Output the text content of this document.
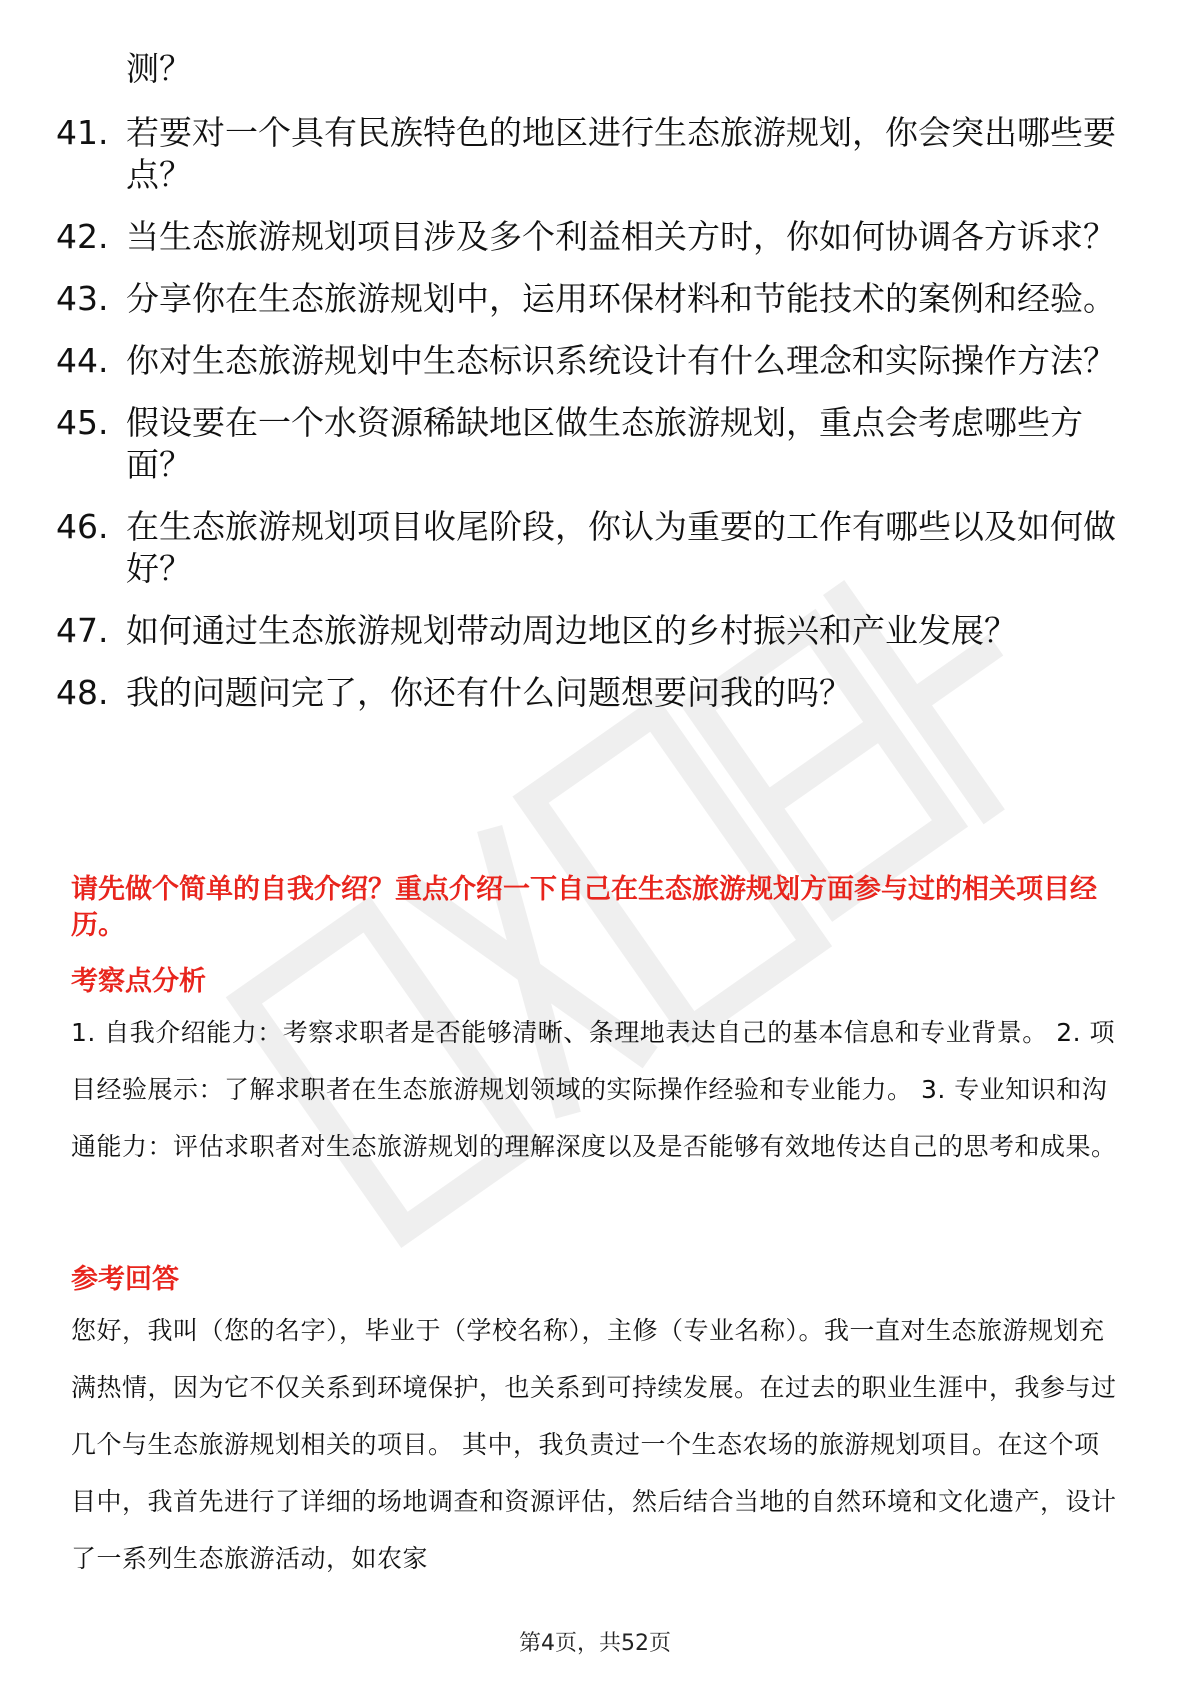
测？
41. 若要对一个具有民族特色的地区进行生态旅游规划，你会突出哪些要点？
42. 当生态旅游规划项目涉及多个利益相关方时，你如何协调各方诉求？
43. 分享你在生态旅游规划中，运用环保材料和节能技术的案例和经验。
44. 你对生态旅游规划中生态标识系统设计有什么理念和实际操作方法？
45. 假设要在一个水资源稀缺地区做生态旅游规划，重点会考虑哪些方面？
46. 在生态旅游规划项目收尾阶段，你认为重要的工作有哪些以及如何做好？
47. 如何通过生态旅游规划带动周边地区的乡村振兴和产业发展？
48. 我的问题问完了，你还有什么问题想要问我的吗？

请先做个简单的自我介绍？重点介绍一下自己在生态旅游规划方面参与过的相关项目经历。

考察点分析

1. 自我介绍能力：考察求职者是否能够清晰、条理地表达自己的基本信息和专业背景。 2. 项目经验展示：了解求职者在生态旅游规划领域的实际操作经验和专业能力。 3. 专业知识和沟通能力：评估求职者对生态旅游规划的理解深度以及是否能够有效地传达自己的思考和成果。

参考回答

您好，我叫（您的名字），毕业于（学校名称），主修（专业名称）。我一直对生态旅游规划充满热情，因为它不仅关系到环境保护，也关系到可持续发展。在过去的职业生涯中，我参与过几个与生态旅游规划相关的项目。 其中，我负责过一个生态农场的旅游规划项目。在这个项目中，我首先进行了详细的场地调查和资源评估，然后结合当地的自然环境和文化遗产，设计了一系列生态旅游活动，如农家

第4页，共52页
